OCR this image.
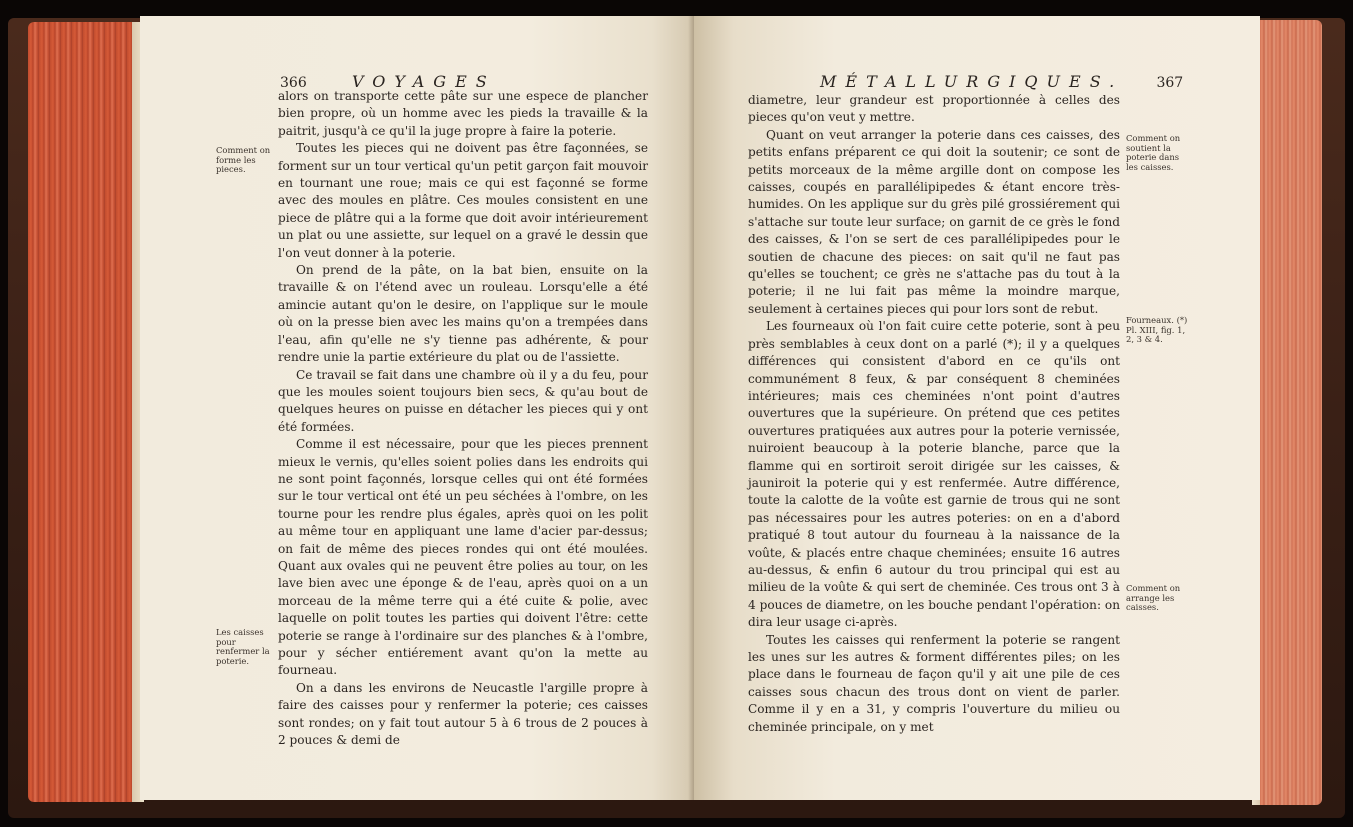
366	VOYAGES
Comment on forme les pieces.
Les caisses pour renfermer la poterie.

alors on transporte cette pâte sur une espece de plancher bien propre, où un homme avec les pieds la travaille & la paitrit, jusqu'à ce qu'il la juge propre à faire la poterie.

Toutes les pieces qui ne doivent pas être façonnées, se forment sur un tour vertical qu'un petit garçon fait mouvoir en tournant une roue; mais ce qui est façonné se forme avec des moules en plâtre. Ces moules consistent en une piece de plâtre qui a la forme que doit avoir intérieurement un plat ou une assiette, sur lequel on a gravé le dessin que l'on veut donner à la poterie.

On prend de la pâte, on la bat bien, ensuite on la travaille & on l'étend avec un rouleau. Lorsqu'elle a été amincie autant qu'on le desire, on l'applique sur le moule où on la presse bien avec les mains qu'on a trempées dans l'eau, afin qu'elle ne s'y tienne pas adhérente, & pour rendre unie la partie extérieure du plat ou de l'assiette.

Ce travail se fait dans une chambre où il y a du feu, pour que les moules soient toujours bien secs, & qu'au bout de quelques heures on puisse en détacher les pieces qui y ont été formées.

Comme il est nécessaire, pour que les pieces prennent mieux le vernis, qu'elles soient polies dans les endroits qui ne sont point façonnés, lorsque celles qui ont été formées sur le tour vertical ont été un peu séchées à l'ombre, on les tourne pour les rendre plus égales, après quoi on les polit au même tour en appliquant une lame d'acier par-dessus; on fait de même des pieces rondes qui ont été moulées. Quant aux ovales qui ne peuvent être polies au tour, on les lave bien avec une éponge & de l'eau, après quoi on a un morceau de la même terre qui a été cuite & polie, avec laquelle on polit toutes les parties qui doivent l'être: cette poterie se range à l'ordinaire sur des planches & à l'ombre, pour y sécher entiérement avant qu'on la mette au fourneau.

On a dans les environs de Neucastle l'argille propre à faire des caisses pour y renfermer la poterie; ces caisses sont rondes; on y fait tout autour 5 à 6 trous de 2 pouces à 2 pouces & demi de

MÉTALLURGIQUES. 367

diametre, leur grandeur est proportionnée à celles des pieces qu'on veut y mettre.

Quant on veut arranger la poterie dans ces caisses, des petits enfans préparent ce qui doit la soutenir; ce sont de petits morceaux de la même argille dont on compose les caisses, coupés en parallélipipedes & étant encore très-humides. On les applique sur du grès pilé grossiérement qui s'attache sur toute leur surface; on garnit de ce grès le fond des caisses, & l'on se sert de ces parallélipipedes pour le soutien de chacune des pieces: on sait qu'il ne faut pas qu'elles se touchent; ce grès ne s'attache pas du tout à la poterie; il ne lui fait pas même la moindre marque, seulement à certaines pieces qui pour lors sont de rebut.

Les fourneaux où l'on fait cuire cette poterie, sont à peu près semblables à ceux dont on a parlé (*); il y a quelques différences qui consistent d'abord en ce qu'ils ont communément 8 feux, & par conséquent 8 cheminées intérieures; mais ces cheminées n'ont point d'autres ouvertures que la supérieure. On prétend que ces petites ouvertures pratiquées aux autres pour la poterie vernissée, nuiroient beaucoup à la poterie blanche, parce que la flamme qui en sortiroit seroit dirigée sur les caisses, & jauniroit la poterie qui y est renfermée. Autre différence, toute la calotte de la voûte est garnie de trous qui ne sont pas nécessaires pour les autres poteries: on en a d'abord pratiqué 8 tout autour du fourneau à la naissance de la voûte, & placés entre chaque cheminées; ensuite 16 autres au-dessus, & enfin 6 autour du trou principal qui est au milieu de la voûte & qui sert de cheminée. Ces trous ont 3 à 4 pouces de diametre, on les bouche pendant l'opération: on dira leur usage ci-après.

Toutes les caisses qui renferment la poterie se rangent les unes sur les autres & forment différentes piles; on les place dans le fourneau de façon qu'il y ait une pile de ces caisses sous chacun des trous dont on vient de parler. Comme il y en a 31, y compris l'ouverture du milieu ou cheminée principale, on y met

Comment on soutient la poterie dans les caisses.
Fourneaux. (*) Pl. XIII, fig. 1, 2, 3 & 4.
Comment on arrange les caisses.
